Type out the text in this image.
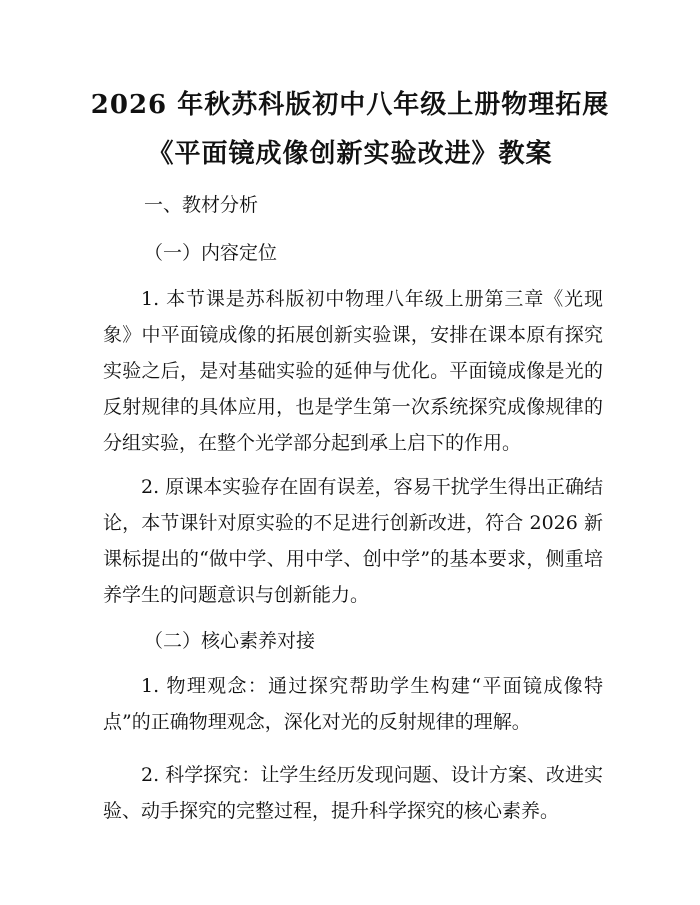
2026 年秋苏科版初中八年级上册物理拓展
《平面镜成像创新实验改进》教案
一、教材分析
（一）内容定位
1. 本节课是苏科版初中物理八年级上册第三章《光现象》中平面镜成像的拓展创新实验课，安排在课本原有探究实验之后，是对基础实验的延伸与优化。平面镜成像是光的反射规律的具体应用，也是学生第一次系统探究成像规律的分组实验，在整个光学部分起到承上启下的作用。
2. 原课本实验存在固有误差，容易干扰学生得出正确结论，本节课针对原实验的不足进行创新改进，符合 2026 新课标提出的“做中学、用中学、创中学”的基本要求，侧重培养学生的问题意识与创新能力。
（二）核心素养对接
1. 物理观念：通过探究帮助学生构建“平面镜成像特点”的正确物理观念，深化对光的反射规律的理解。
2. 科学探究：让学生经历发现问题、设计方案、改进实验、动手探究的完整过程，提升科学探究的核心素养。
